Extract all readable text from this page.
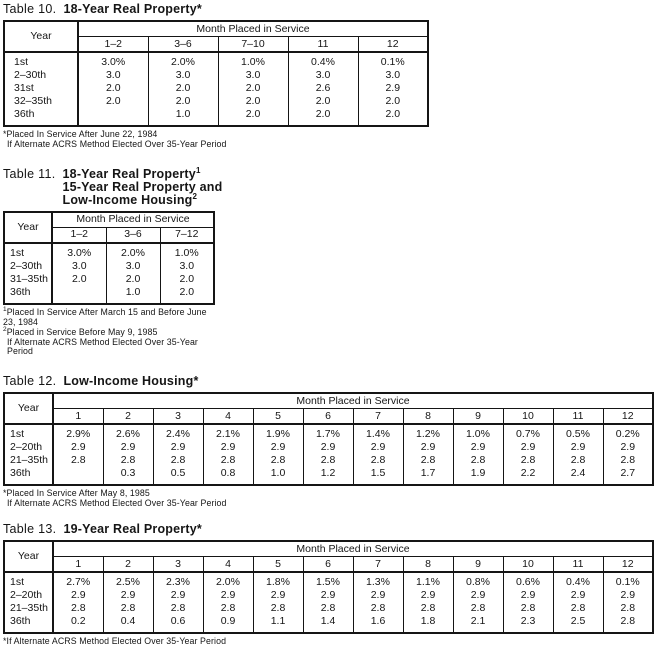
Table 10. 18-Year Real Property*
Year	Month Placed in Service				
	1–2	3–6	7–10	11	12
1st	3.0%	2.0%	1.0%	0.4%	0.1%
2–30th	3.0	3.0	3.0	3.0	3.0
31st	2.0	2.0	2.0	2.6	2.9
32–35th	2.0	2.0	2.0	2.0	2.0
36th		1.0	2.0	2.0	2.0
*Placed In Service After June 22, 1984
If Alternate ACRS Method Elected Over 35-Year Period
Table 11. 18-Year Real Property$^1$
15-Year Real Property and
Low-Income Housing$^2$
Year	Month Placed in Service		
	1–2	3–6	7–12
1st	3.0%	2.0%	1.0%
2–30th	3.0	3.0	3.0
31–35th	2.0	2.0	2.0
36th		1.0	2.0
$^1$Placed In Service After March 15 and Before June 23, 1984
$^2$Placed in Service Before May 9, 1985
If Alternate ACRS Method Elected Over 35-Year Period
Table 12. Low-Income Housing*
Year	Month Placed in Service											
	1	2	3	4	5	6	7	8	9	10	11	12
1st	2.9%	2.6%	2.4%	2.1%	1.9%	1.7%	1.4%	1.2%	1.0%	0.7%	0.5%	0.2%
2–20th	2.9	2.9	2.9	2.9	2.9	2.9	2.9	2.9	2.9	2.9	2.9	2.9
21–35th	2.8	2.8	2.8	2.8	2.8	2.8	2.8	2.8	2.8	2.8	2.8	2.8
36th		0.3	0.5	0.8	1.0	1.2	1.5	1.7	1.9	2.2	2.4	2.7
*Placed In Service After May 8, 1985
If Alternate ACRS Method Elected Over 35-Year Period
Table 13. 19-Year Real Property*
Year	Month Placed in Service											
	1	2	3	4	5	6	7	8	9	10	11	12
1st	2.7%	2.5%	2.3%	2.0%	1.8%	1.5%	1.3%	1.1%	0.8%	0.6%	0.4%	0.1%
2–20th	2.9	2.9	2.9	2.9	2.9	2.9	2.9	2.9	2.9	2.9	2.9	2.9
21–35th	2.8	2.8	2.8	2.8	2.8	2.8	2.8	2.8	2.8	2.8	2.8	2.8
36th	0.2	0.4	0.6	0.9	1.1	1.4	1.6	1.8	2.1	2.3	2.5	2.8
*If Alternate ACRS Method Elected Over 35-Year Period
